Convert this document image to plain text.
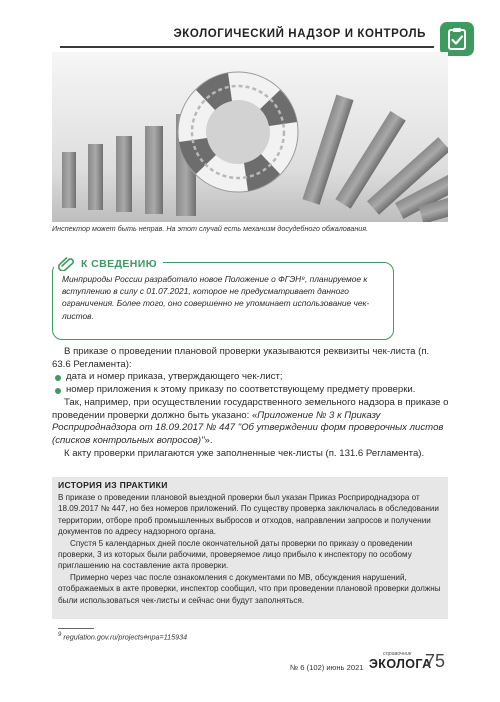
ЭКОЛОГИЧЕСКИЙ НАДЗОР И КОНТРОЛЬ
Инспектор может быть неправ. На этот случай есть механизм досудебного обжалования.
К СВЕДЕНИЮ
Минприроды России разработало новое Положение о ФГЭН⁹, планируемое к вступлению в силу с 01.07.2021, которое не предусматривает данного ограничения. Более того, оно совершенно не упоминает использование чек-листов.

В приказе о проведении плановой проверки указываются реквизиты чек-листа (п. 63.6 Регламента):

дата и номер приказа, утверждающего чек-лист;
номер приложения к этому приказу по соответствующему предмету проверки.

Так, например, при осуществлении государственного земельного надзора в приказе о проведении проверки должно быть указано: «Приложение № 3 к Приказу Росприроднадзора от 18.09.2017 № 447 "Об утверждении форм проверочных листов (списков контрольных вопросов)"».

К акту проверки прилагаются уже заполненные чек-листы (п. 131.6 Регламента).

ИСТОРИЯ ИЗ ПРАКТИКИ

В приказе о проведении плановой выездной проверки был указан Приказ Росприроднадзора от 18.09.2017 № 447, но без номеров приложений. По существу проверка заключалась в обследовании территории, отборе проб промышленных выбросов и отходов, направлении запросов и получении документов по адресу надзорного органа.

Спустя 5 календарных дней после окончательной даты проверки по приказу о проведении проверки, 3 из которых были рабочими, проверяемое лицо прибыло к инспектору по особому приглашению на составление акта проверки.

Примерно через час после ознакомления с документами по МВ, обсуждения нарушений, отображаемых в акте проверки, инспектор сообщил, что при проведении плановой проверки должны были использоваться чек-листы и сейчас они будут заполняться.

$^9$ regulation.gov.ru/projects#npa=115934
№ 6 (102) июнь 2021
справочник
ЭКОЛОГА
75
